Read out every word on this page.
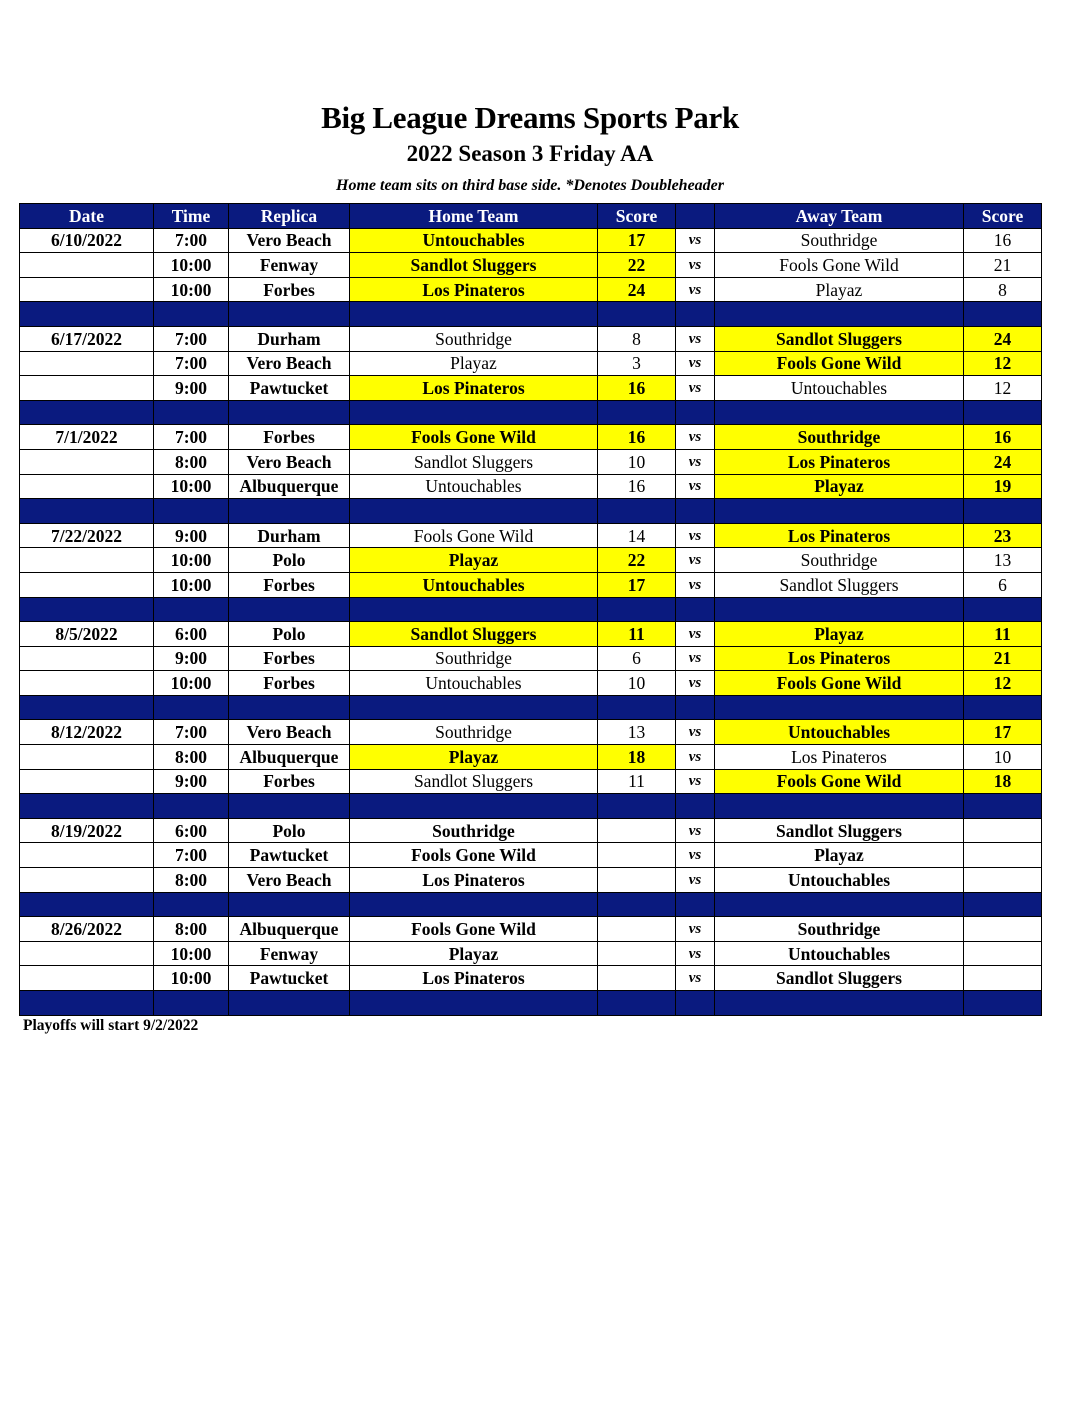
Big League Dreams Sports Park
2022 Season 3 Friday AA
Home team sits on third base side. *Denotes Doubleheader
Date	Time	Replica	Home Team	Score		Away Team	Score
6/10/2022	7:00	Vero Beach	Untouchables	17	vs	Southridge	16
	10:00	Fenway	Sandlot Sluggers	22	vs	Fools Gone Wild	21
	10:00	Forbes	Los Pinateros	24	vs	Playaz	8

6/17/2022	7:00	Durham	Southridge	8	vs	Sandlot Sluggers	24
	7:00	Vero Beach	Playaz	3	vs	Fools Gone Wild	12
	9:00	Pawtucket	Los Pinateros	16	vs	Untouchables	12

7/1/2022	7:00	Forbes	Fools Gone Wild	16	vs	Southridge	16
	8:00	Vero Beach	Sandlot Sluggers	10	vs	Los Pinateros	24
	10:00	Albuquerque	Untouchables	16	vs	Playaz	19

7/22/2022	9:00	Durham	Fools Gone Wild	14	vs	Los Pinateros	23
	10:00	Polo	Playaz	22	vs	Southridge	13
	10:00	Forbes	Untouchables	17	vs	Sandlot Sluggers	6

8/5/2022	6:00	Polo	Sandlot Sluggers	11	vs	Playaz	11
	9:00	Forbes	Southridge	6	vs	Los Pinateros	21
	10:00	Forbes	Untouchables	10	vs	Fools Gone Wild	12

8/12/2022	7:00	Vero Beach	Southridge	13	vs	Untouchables	17
	8:00	Albuquerque	Playaz	18	vs	Los Pinateros	10
	9:00	Forbes	Sandlot Sluggers	11	vs	Fools Gone Wild	18

8/19/2022	6:00	Polo	Southridge		vs	Sandlot Sluggers	
	7:00	Pawtucket	Fools Gone Wild		vs	Playaz	
	8:00	Vero Beach	Los Pinateros		vs	Untouchables	

8/26/2022	8:00	Albuquerque	Fools Gone Wild		vs	Southridge	
	10:00	Fenway	Playaz		vs	Untouchables	
	10:00	Pawtucket	Los Pinateros		vs	Sandlot Sluggers	

Playoffs will start 9/2/2022
